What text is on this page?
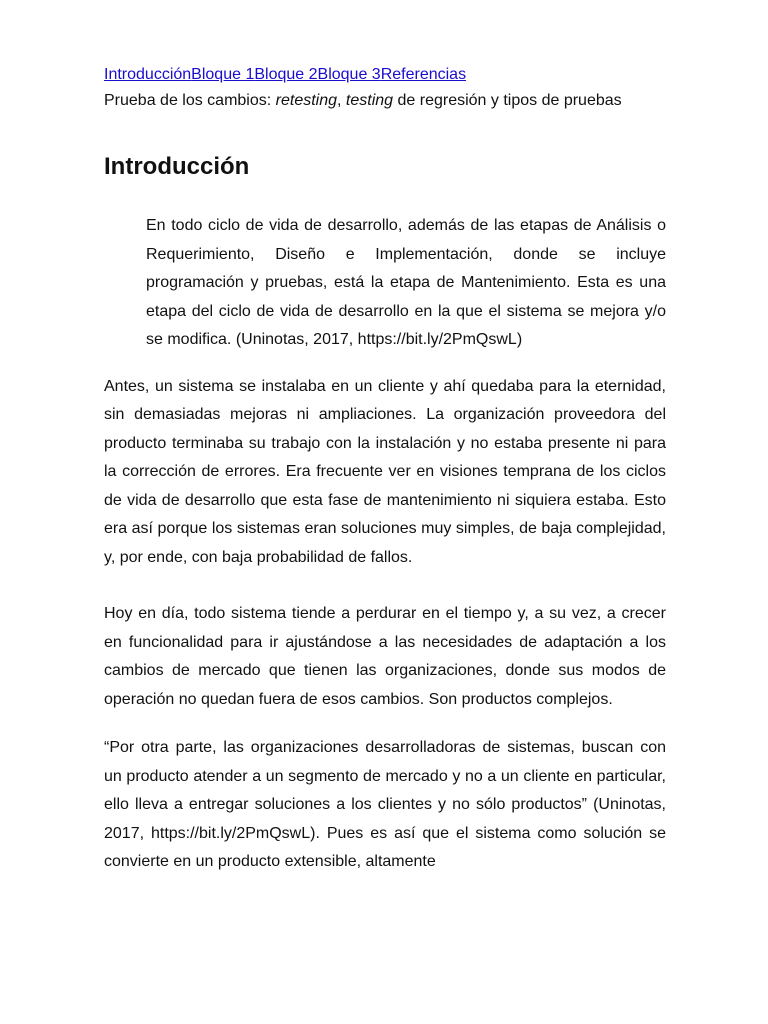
IntroducciónBloque 1Bloque 2Bloque 3Referencias

Prueba de los cambios: retesting, testing de regresión y tipos de pruebas

Introducción

En todo ciclo de vida de desarrollo, además de las etapas de Análisis o Requerimiento, Diseño e Implementación, donde se incluye programación y pruebas, está la etapa de Mantenimiento. Esta es una etapa del ciclo de vida de desarrollo en la que el sistema se mejora y/o se modifica. (Uninotas, 2017, https://bit.ly/2PmQswL)

Antes, un sistema se instalaba en un cliente y ahí quedaba para la eternidad, sin demasiadas mejoras ni ampliaciones. La organización proveedora del producto terminaba su trabajo con la instalación y no estaba presente ni para la corrección de errores. Era frecuente ver en visiones temprana de los ciclos de vida de desarrollo que esta fase de mantenimiento ni siquiera estaba. Esto era así porque los sistemas eran soluciones muy simples, de baja complejidad, y, por ende, con baja probabilidad de fallos.

Hoy en día, todo sistema tiende a perdurar en el tiempo y, a su vez, a crecer en funcionalidad para ir ajustándose a las necesidades de adaptación a los cambios de mercado que tienen las organizaciones, donde sus modos de operación no quedan fuera de esos cambios. Son productos complejos.

“Por otra parte, las organizaciones desarrolladoras de sistemas, buscan con un producto atender a un segmento de mercado y no a un cliente en particular, ello lleva a entregar soluciones a los clientes y no sólo productos” (Uninotas, 2017, https://bit.ly/2PmQswL). Pues es así que el sistema como solución se convierte en un producto extensible, altamente
